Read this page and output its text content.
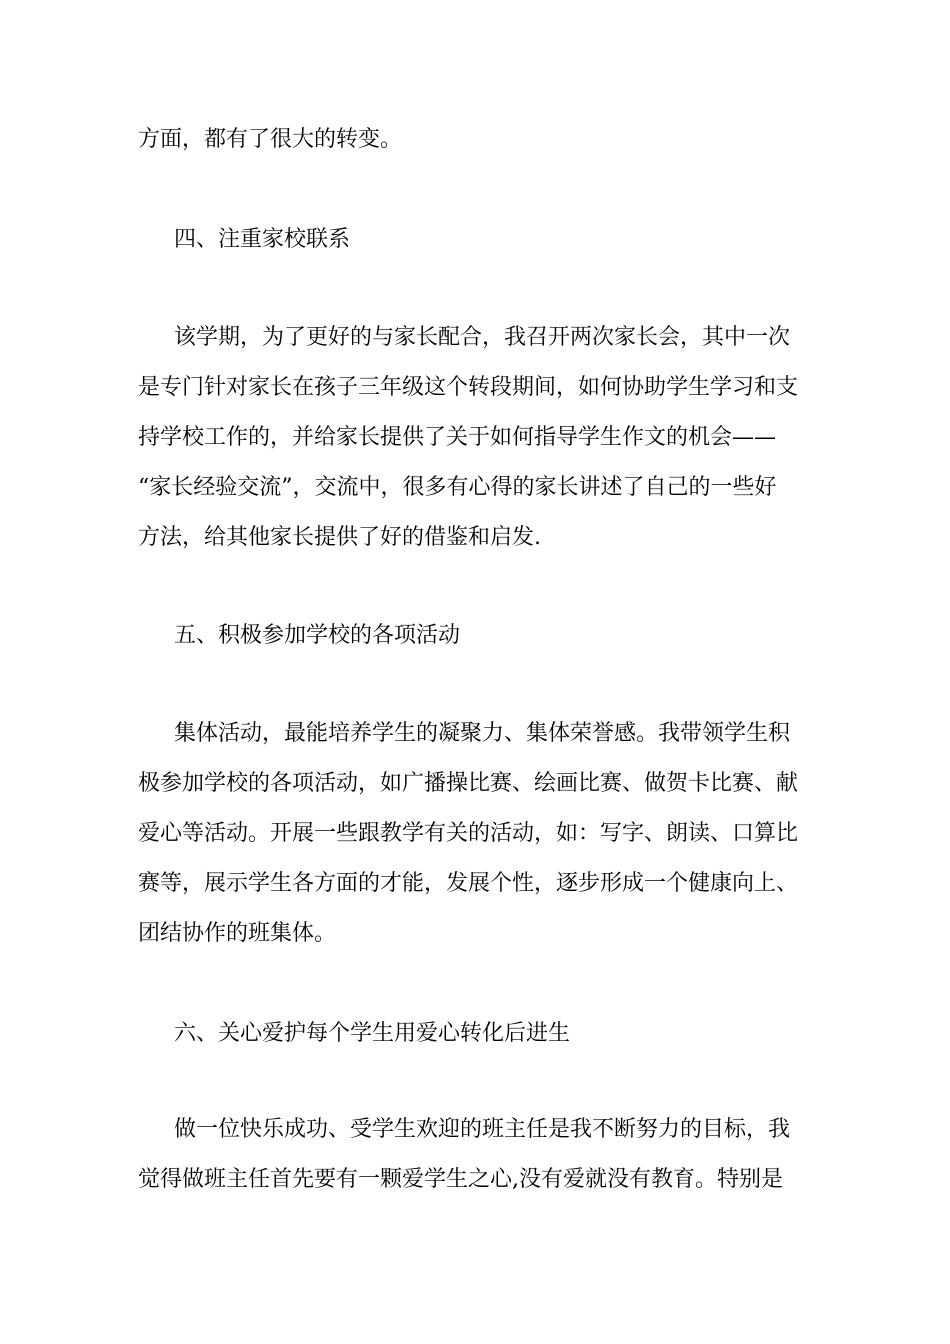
方面，都有了很大的转变。
四、注重家校联系
该学期，为了更好的与家长配合，我召开两次家长会，其中一次
是专门针对家长在孩子三年级这个转段期间，如何协助学生学习和支
持学校工作的，并给家长提供了关于如何指导学生作文的机会——
“家长经验交流”，交流中，很多有心得的家长讲述了自己的一些好
方法，给其他家长提供了好的借鉴和启发.
五、积极参加学校的各项活动
集体活动，最能培养学生的凝聚力、集体荣誉感。我带领学生积
极参加学校的各项活动，如广播操比赛、绘画比赛、做贺卡比赛、献
爱心等活动。开展一些跟教学有关的活动，如：写字、朗读、口算比
赛等，展示学生各方面的才能，发展个性，逐步形成一个健康向上、
团结协作的班集体。
六、关心爱护每个学生用爱心转化后进生
做一位快乐成功、受学生欢迎的班主任是我不断努力的目标，我
觉得做班主任首先要有一颗爱学生之心,没有爱就没有教育。特别是
